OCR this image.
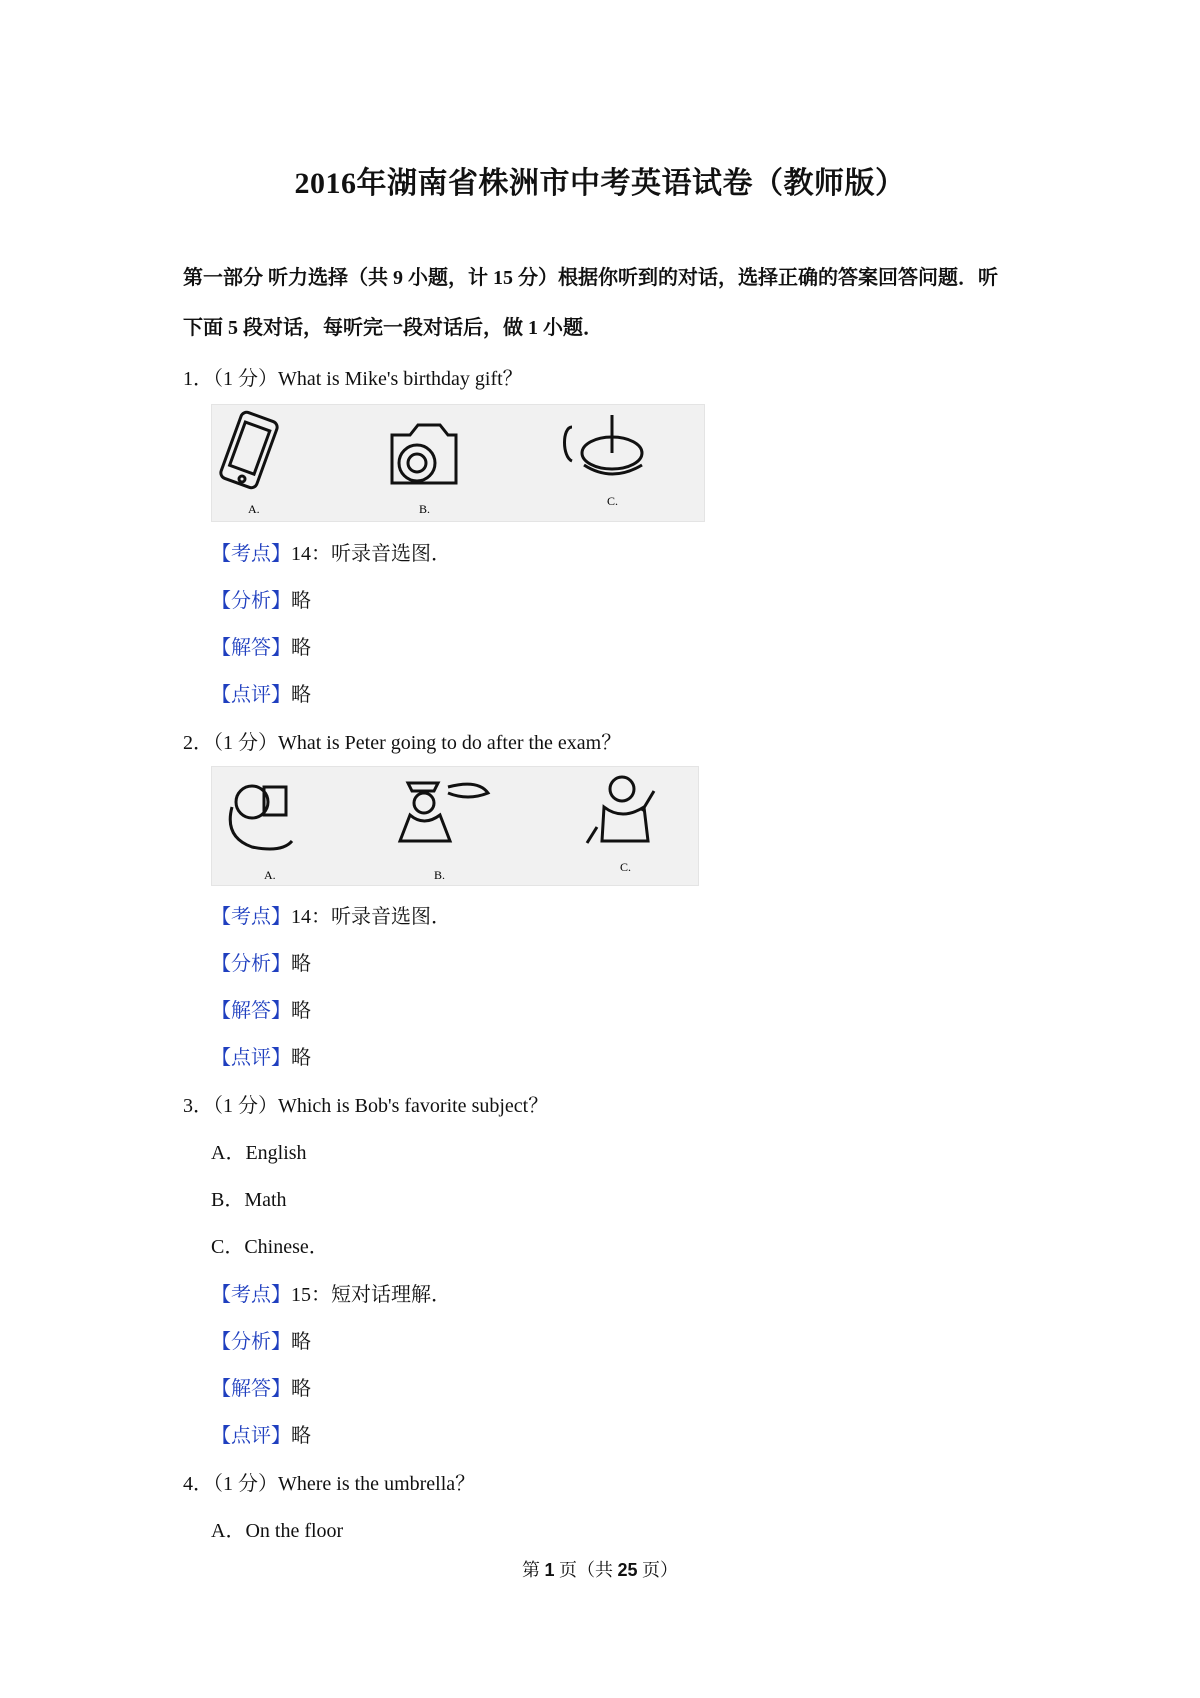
2016年湖南省株洲市中考英语试卷（教师版）
第一部分 听力选择（共 9 小题，计 15 分）根据你听到的对话，选择正确的答案回答问题．听
下面 5 段对话，每听完一段对话后，做 1 小题．
1．（1 分）What is Mike's birthday gift？
A.	B.
C.
【考点】14：听录音选图．
【分析】略
【解答】略
【点评】略
2．（1 分）What is Peter going to do after the exam？
A.	B.
C.
【考点】14：听录音选图．
【分析】略
【解答】略
【点评】略
3．（1 分）Which is Bob's favorite subject？
A．English
B．Math
C．Chinese．
【考点】15：短对话理解．
【分析】略
【解答】略
【点评】略
4．（1 分）Where is the umbrella？
A．On the floor
第 1 页（共 25 页）
